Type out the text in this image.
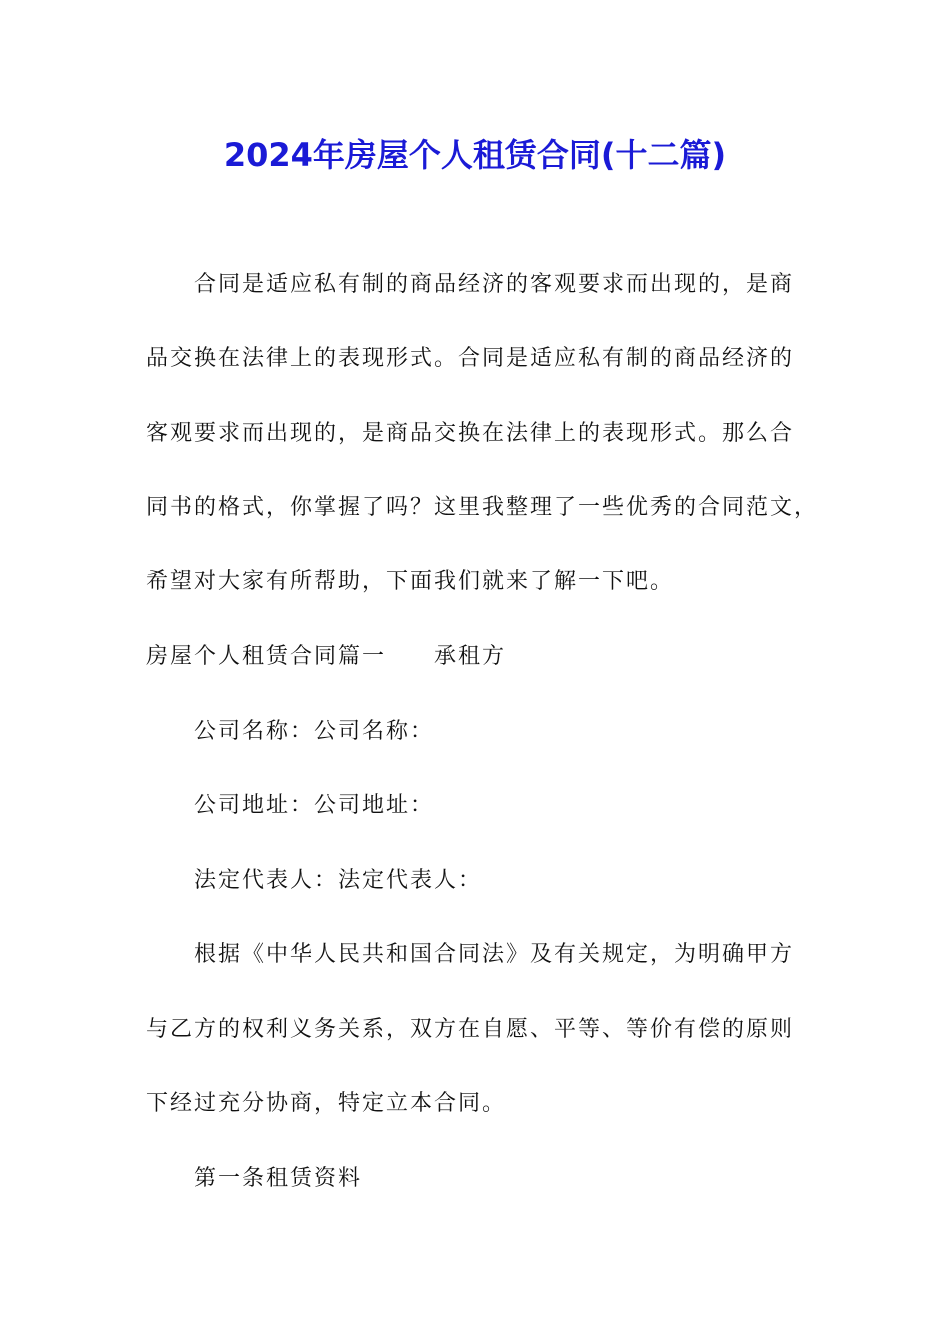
2024年房屋个人租赁合同(十二篇)
合同是适应私有制的商品经济的客观要求而出现的，是商
品交换在法律上的表现形式。合同是适应私有制的商品经济的
客观要求而出现的，是商品交换在法律上的表现形式。那么合
同书的格式，你掌握了吗？这里我整理了一些优秀的合同范文，
希望对大家有所帮助，下面我们就来了解一下吧。
房屋个人租赁合同篇一　　承租方
公司名称：公司名称：
公司地址：公司地址：
法定代表人：法定代表人：
根据《中华人民共和国合同法》及有关规定，为明确甲方
与乙方的权利义务关系，双方在自愿、平等、等价有偿的原则
下经过充分协商，特定立本合同。
第一条租赁资料
